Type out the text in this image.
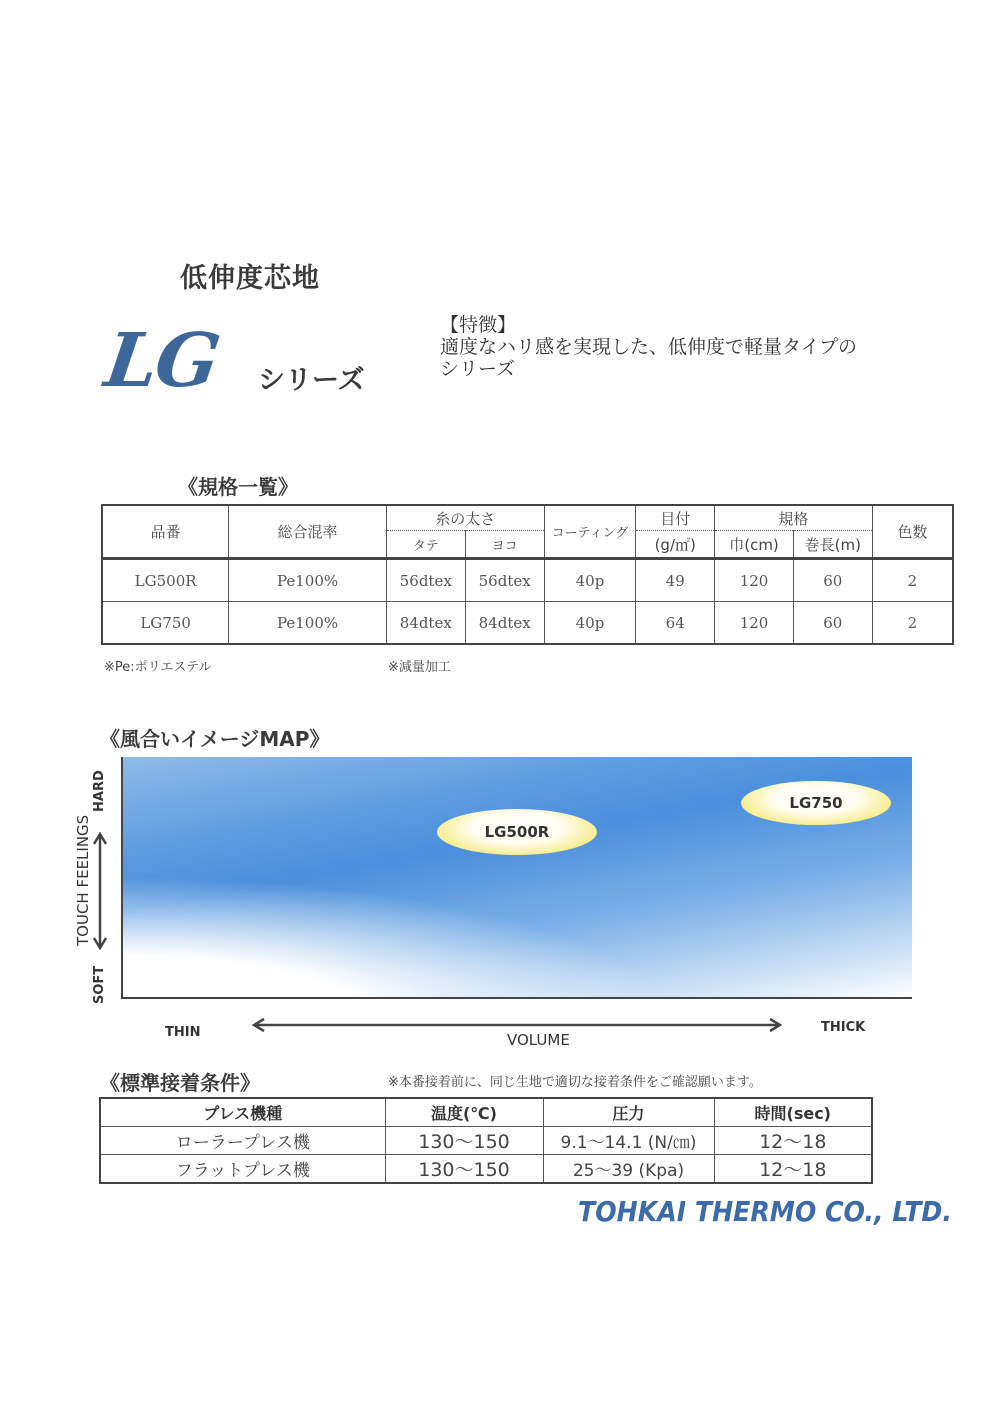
低伸度芯地
LG シリーズ
【特徴】
適度なハリ感を実現した、低伸度で軽量タイプの
シリーズ
《規格一覧》
品番	総合混率	糸の太さ		コーティング	目付	規格		色数
		タテ	ヨコ		(g/㎡)	巾(cm)	巻長(m)	
LG500R	Pe100%	56dtex	56dtex	40p	49	120	60	2
LG750	Pe100%	84dtex	84dtex	40p	64	120	60	2
※Pe:ポリエステル	※減量加工
《風合いイメージMAP》
LG500R
LG750
HARD
TOUCH FEELINGS
SOFT
THIN	VOLUME
THICK
《標準接着条件》	※本番接着前に、同じ生地で適切な接着条件をご確認願います。
プレス機種	温度(℃)	圧力	時間(sec)
ローラープレス機	130〜150	9.1〜14.1 (N/㎝)	12〜18
フラットプレス機	130〜150	25〜39 (Kpa)	12〜18
TOHKAI THERMO CO., LTD.
